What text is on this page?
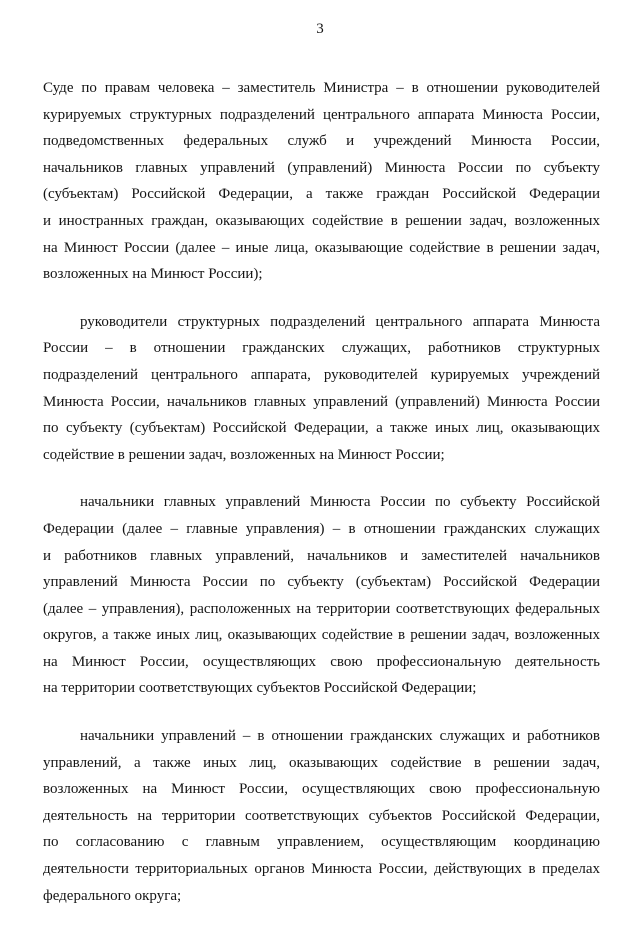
3
Суде по правам человека – заместитель Министра – в отношении руководителей
курируемых структурных подразделений центрального аппарата Минюста России,
подведомственных федеральных служб и учреждений Минюста России,
начальников главных управлений (управлений) Минюста России по субъекту
(субъектам) Российской Федерации, а также граждан Российской Федерации
и иностранных граждан, оказывающих содействие в решении задач, возложенных
на Минюст России (далее – иные лица, оказывающие содействие в решении задач,
возложенных на Минюст России);
руководители структурных подразделений центрального аппарата Минюста
России – в отношении гражданских служащих, работников структурных
подразделений центрального аппарата, руководителей курируемых учреждений
Минюста России, начальников главных управлений (управлений) Минюста России
по субъекту (субъектам) Российской Федерации, а также иных лиц, оказывающих
содействие в решении задач, возложенных на Минюст России;
начальники главных управлений Минюста России по субъекту Российской
Федерации (далее – главные управления) – в отношении гражданских служащих
и работников главных управлений, начальников и заместителей начальников
управлений Минюста России по субъекту (субъектам) Российской Федерации
(далее – управления), расположенных на территории соответствующих федеральных
округов, а также иных лиц, оказывающих содействие в решении задач, возложенных
на Минюст России, осуществляющих свою профессиональную деятельность
на территории соответствующих субъектов Российской Федерации;
начальники управлений – в отношении гражданских служащих и работников
управлений, а также иных лиц, оказывающих содействие в решении задач,
возложенных на Минюст России, осуществляющих свою профессиональную
деятельность на территории соответствующих субъектов Российской Федерации,
по согласованию с главным управлением, осуществляющим координацию
деятельности территориальных органов Минюста России, действующих в пределах
федерального округа;
